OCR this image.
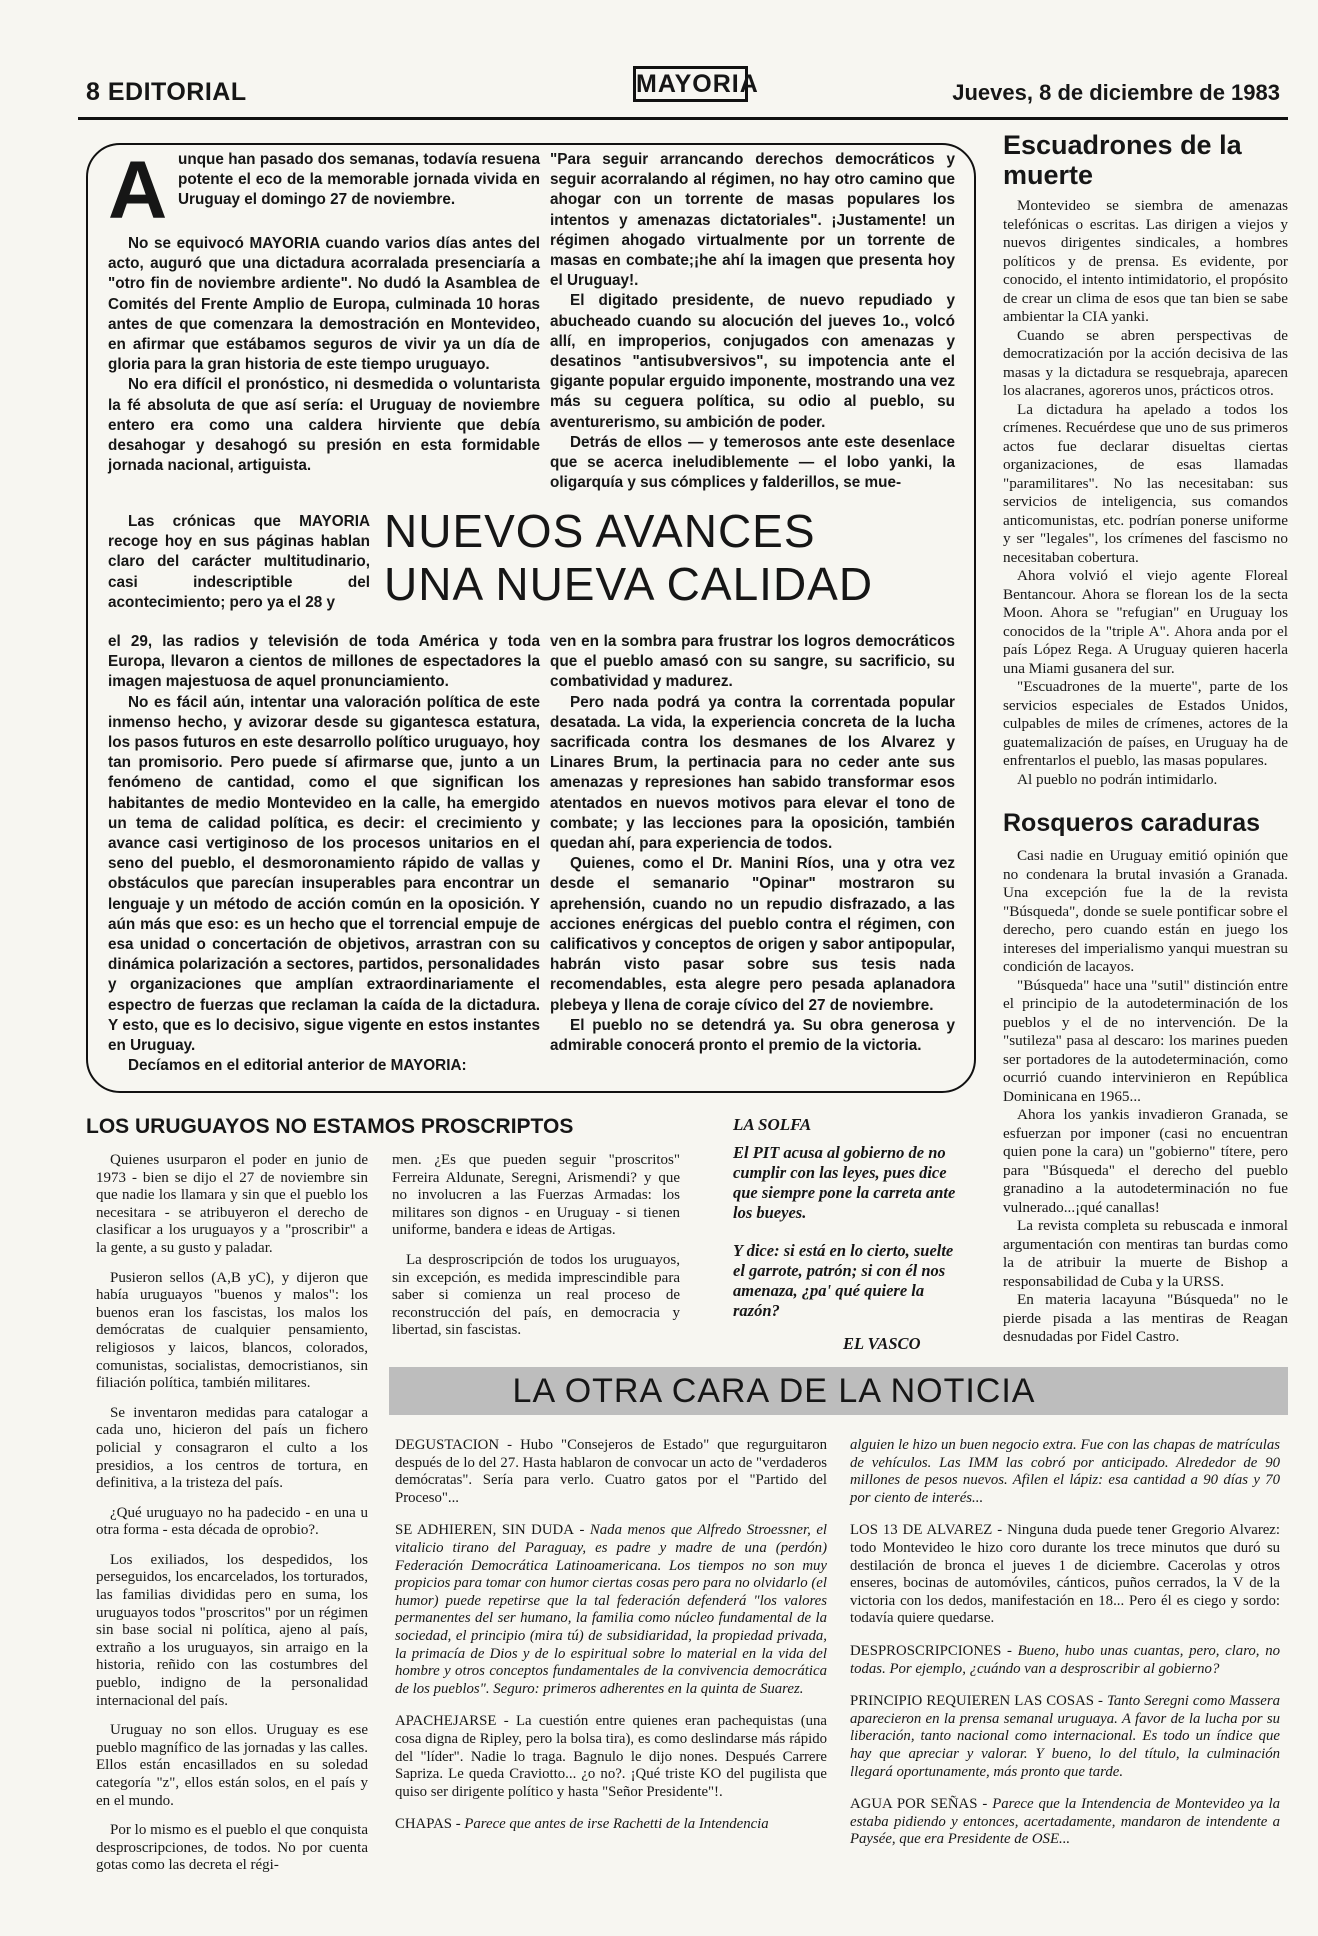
8 EDITORIAL	MAYORIA	Jueves, 8 de diciembre de 1983
A unque han pasado dos semanas, todavía resuena potente el eco de la memorable jornada vivida en Uruguay el domingo 27 de noviembre.

No se equivocó MAYORIA cuando varios días antes del acto, auguró que una dictadura acorralada presenciaría a "otro fin de noviembre ardiente". No dudó la Asamblea de Comités del Frente Amplio de Europa, culminada 10 horas antes de que comenzara la demostración en Montevideo, en afirmar que estábamos seguros de vivir ya un día de gloria para la gran historia de este tiempo uruguayo.

No era difícil el pronóstico, ni desmedida o voluntarista la fé absoluta de que así sería: el Uruguay de noviembre entero era como una caldera hirviente que debía desahogar y desahogó su presión en esta formidable jornada nacional, artiguista.

Las crónicas que MAYORIA recoge hoy en sus páginas hablan claro del carácter multitudinario, casi indescriptible del acontecimiento; pero ya el 28 y

NUEVOS AVANCES
UNA NUEVA CALIDAD

el 29, las radios y televisión de toda América y toda Europa, llevaron a cientos de millones de espectadores la imagen majestuosa de aquel pronunciamiento.

No es fácil aún, intentar una valoración política de este inmenso hecho, y avizorar desde su gigantesca estatura, los pasos futuros en este desarrollo político uruguayo, hoy tan promisorio. Pero puede sí afirmarse que, junto a un fenómeno de cantidad, como el que significan los habitantes de medio Montevideo en la calle, ha emergido un tema de calidad política, es decir: el crecimiento y avance casi vertiginoso de los procesos unitarios en el seno del pueblo, el desmoronamiento rápido de vallas y obstáculos que parecían insuperables para encontrar un lenguaje y un método de acción común en la oposición. Y aún más que eso: es un hecho que el torrencial empuje de esa unidad o concertación de objetivos, arrastran con su dinámica polarización a sectores, partidos, personalidades y organizaciones que amplían extraordinariamente el espectro de fuerzas que reclaman la caída de la dictadura. Y esto, que es lo decisivo, sigue vigente en estos instantes en Uruguay.

Decíamos en el editorial anterior de MAYORIA:

"Para seguir arrancando derechos democráticos y seguir acorralando al régimen, no hay otro camino que ahogar con un torrente de masas populares los intentos y amenazas dictatoriales". ¡Justamente! un régimen ahogado virtualmente por un torrente de masas en combate;¡he ahí la imagen que presenta hoy el Uruguay!.

El digitado presidente, de nuevo repudiado y abucheado cuando su alocución del jueves 1o., volcó allí, en improperios, conjugados con amenazas y desatinos "antisubversivos", su impotencia ante el gigante popular erguido imponente, mostrando una vez más su ceguera política, su odio al pueblo, su aventurerismo, su ambición de poder.

Detrás de ellos — y temerosos ante este desenlace que se acerca ineludiblemente — el lobo yanki, la oligarquía y sus cómplices y falderillos, se mue-

ven en la sombra para frustrar los logros democráticos que el pueblo amasó con su sangre, su sacrificio, su combatividad y madurez.

Pero nada podrá ya contra la correntada popular desatada. La vida, la experiencia concreta de la lucha sacrificada contra los desmanes de los Alvarez y Linares Brum, la pertinacia para no ceder ante sus amenazas y represiones han sabido transformar esos atentados en nuevos motivos para elevar el tono de combate; y las lecciones para la oposición, también quedan ahí, para experiencia de todos.

Quienes, como el Dr. Manini Ríos, una y otra vez desde el semanario "Opinar" mostraron su aprehensión, cuando no un repudio disfrazado, a las acciones enérgicas del pueblo contra el régimen, con calificativos y conceptos de origen y sabor antipopular, habrán visto pasar sobre sus tesis nada recomendables, esta alegre pero pesada aplanadora plebeya y llena de coraje cívico del 27 de noviembre.

El pueblo no se detendrá ya. Su obra generosa y admirable conocerá pronto el premio de la victoria.

Escuadrones de la muerte

Montevideo se siembra de amenazas telefónicas o escritas. Las dirigen a viejos y nuevos dirigentes sindicales, a hombres políticos y de prensa. Es evidente, por conocido, el intento intimidatorio, el propósito de crear un clima de esos que tan bien se sabe ambientar la CIA yanki.

Cuando se abren perspectivas de democratización por la acción decisiva de las masas y la dictadura se resquebraja, aparecen los alacranes, agoreros unos, prácticos otros.

La dictadura ha apelado a todos los crímenes. Recuérdese que uno de sus primeros actos fue declarar disueltas ciertas organizaciones, de esas llamadas "paramilitares". No las necesitaban: sus servicios de inteligencia, sus comandos anticomunistas, etc. podrían ponerse uniforme y ser "legales", los crímenes del fascismo no necesitaban cobertura.

Ahora volvió el viejo agente Floreal Bentancour. Ahora se florean los de la secta Moon. Ahora se "refugian" en Uruguay los conocidos de la "triple A". Ahora anda por el país López Rega. A Uruguay quieren hacerla una Miami gusanera del sur.

"Escuadrones de la muerte", parte de los servicios especiales de Estados Unidos, culpables de miles de crímenes, actores de la guatemalización de países, en Uruguay ha de enfrentarlos el pueblo, las masas populares.

Al pueblo no podrán intimidarlo.

Rosqueros caraduras

Casi nadie en Uruguay emitió opinión que no condenara la brutal invasión a Granada. Una excepción fue la de la revista "Búsqueda", donde se suele pontificar sobre el derecho, pero cuando están en juego los intereses del imperialismo yanqui muestran su condición de lacayos.

"Búsqueda" hace una "sutil" distinción entre el principio de la autodeterminación de los pueblos y el de no intervención. De la "sutileza" pasa al descaro: los marines pueden ser portadores de la autodeterminación, como ocurrió cuando intervinieron en República Dominicana en 1965...

Ahora los yankis invadieron Granada, se esfuerzan por imponer (casi no encuentran quien pone la cara) un "gobierno" títere, pero para "Búsqueda" el derecho del pueblo granadino a la autodeterminación no fue vulnerado...¡qué canallas!

La revista completa su rebuscada e inmoral argumentación con mentiras tan burdas como la de atribuir la muerte de Bishop a responsabilidad de Cuba y la URSS.

En materia lacayuna "Búsqueda" no le pierde pisada a las mentiras de Reagan desnudadas por Fidel Castro.

LOS URUGUAYOS NO ESTAMOS PROSCRIPTOS

Quienes usurparon el poder en junio de 1973 - bien se dijo el 27 de noviembre sin que nadie los llamara y sin que el pueblo los necesitara - se atribuyeron el derecho de clasificar a los uruguayos y a "proscribir" a la gente, a su gusto y paladar.

Pusieron sellos (A,B yC), y dijeron que había uruguayos "buenos y malos": los buenos eran los fascistas, los malos los demócratas de cualquier pensamiento, religiosos y laicos, blancos, colorados, comunistas, socialistas, democristianos, sin filiación política, también militares.

Se inventaron medidas para catalogar a cada uno, hicieron del país un fichero policial y consagraron el culto a los presidios, a los centros de tortura, en definitiva, a la tristeza del país.

¿Qué uruguayo no ha padecido - en una u otra forma - esta década de oprobio?.

Los exiliados, los despedidos, los perseguidos, los encarcelados, los torturados, las familias divididas pero en suma, los uruguayos todos "proscritos" por un régimen sin base social ni política, ajeno al país, extraño a los uruguayos, sin arraigo en la historia, reñido con las costumbres del pueblo, indigno de la personalidad internacional del país.

Uruguay no son ellos. Uruguay es ese pueblo magnífico de las jornadas y las calles. Ellos están encasillados en su soledad categoría "z", ellos están solos, en el país y en el mundo.

Por lo mismo es el pueblo el que conquista desproscripciones, de todos. No por cuenta gotas como las decreta el régi-

men. ¿Es que pueden seguir "proscritos" Ferreira Aldunate, Seregni, Arismendi? y que no involucren a las Fuerzas Armadas: los militares son dignos - en Uruguay - si tienen uniforme, bandera e ideas de Artigas.

La desproscripción de todos los uruguayos, sin excepción, es medida imprescindible para saber si comienza un real proceso de reconstrucción del país, en democracia y libertad, sin fascistas.

LA SOLFA

El PIT acusa al gobierno de no cumplir con las leyes, pues dice que siempre pone la carreta ante los bueyes.

Y dice: si está en lo cierto, suelte el garrote, patrón; si con él nos amenaza, ¿pa' qué quiere la razón?

EL VASCO
LA OTRA CARA DE LA NOTICIA

DEGUSTACION - Hubo "Consejeros de Estado" que regurguitaron después de lo del 27. Hasta hablaron de convocar un acto de "verdaderos demócratas". Sería para verlo. Cuatro gatos por el "Partido del Proceso"...

SE ADHIEREN, SIN DUDA - Nada menos que Alfredo Stroessner, el vitalicio tirano del Paraguay, es padre y madre de una (perdón) Federación Democrática Latinoamericana. Los tiempos no son muy propicios para tomar con humor ciertas cosas pero para no olvidarlo (el humor) puede repetirse que la tal federación defenderá "los valores permanentes del ser humano, la familia como núcleo fundamental de la sociedad, el principio (mira tú) de subsidiaridad, la propiedad privada, la primacía de Dios y de lo espiritual sobre lo material en la vida del hombre y otros conceptos fundamentales de la convivencia democrática de los pueblos". Seguro: primeros adherentes en la quinta de Suarez.

APACHEJARSE - La cuestión entre quienes eran pachequistas (una cosa digna de Ripley, pero la bolsa tira), es como deslindarse más rápido del "líder". Nadie lo traga. Bagnulo le dijo nones. Después Carrere Sapriza. Le queda Craviotto... ¿o no?. ¡Qué triste KO del pugilista que quiso ser dirigente político y hasta "Señor Presidente"!.

CHAPAS - Parece que antes de irse Rachetti de la Intendencia

alguien le hizo un buen negocio extra. Fue con las chapas de matrículas de vehículos. Las IMM las cobró por anticipado. Alrededor de 90 millones de pesos nuevos. Afilen el lápiz: esa cantidad a 90 días y 70 por ciento de interés...

LOS 13 DE ALVAREZ - Ninguna duda puede tener Gregorio Alvarez: todo Montevideo le hizo coro durante los trece minutos que duró su destilación de bronca el jueves 1 de diciembre. Cacerolas y otros enseres, bocinas de automóviles, cánticos, puños cerrados, la V de la victoria con los dedos, manifestación en 18... Pero él es ciego y sordo: todavía quiere quedarse.

DESPROSCRIPCIONES - Bueno, hubo unas cuantas, pero, claro, no todas. Por ejemplo, ¿cuándo van a desproscribir al gobierno?

PRINCIPIO REQUIEREN LAS COSAS - Tanto Seregni como Massera aparecieron en la prensa semanal uruguaya. A favor de la lucha por su liberación, tanto nacional como internacional. Es todo un índice que hay que apreciar y valorar. Y bueno, lo del título, la culminación llegará oportunamente, más pronto que tarde.

AGUA POR SEÑAS - Parece que la Intendencia de Montevideo ya la estaba pidiendo y entonces, acertadamente, mandaron de intendente a Paysée, que era Presidente de OSE...
